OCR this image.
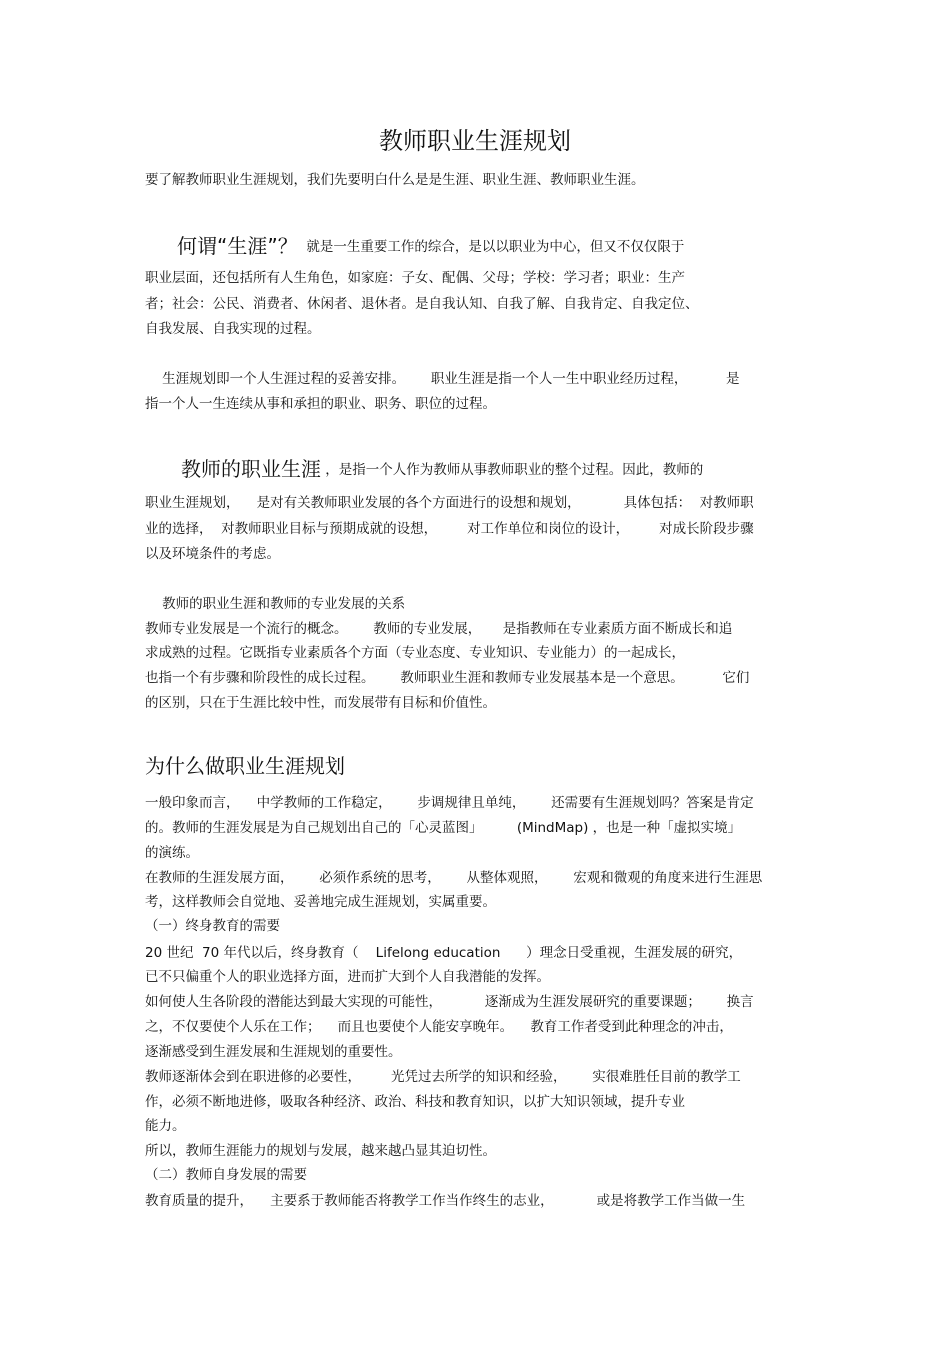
教师职业生涯规划

要了解教师职业生涯规划，我们先要明白什么是是生涯、职业生涯、教师职业生涯。

何谓“生涯”？ 就是一生重要工作的综合，是以以职业为中心，但又不仅仅限于

职业层面，还包括所有人生角色，如家庭：子女、配偶、父母；学校：学习者；职业：生产

者；社会：公民、消费者、休闲者、退休者。是自我认知、自我了解、自我肯定、自我定位、

自我发展、自我实现的过程。

生涯规划即一个人生涯过程的妥善安排。      职业生涯是指一个人一生中职业经历过程，         是

指一个人一生连续从事和承担的职业、职务、职位的过程。

教师的职业生涯 ，是指一个人作为教师从事教师职业的整个过程。因此，教师的

职业生涯规划，    是对有关教师职业发展的各个方面进行的设想和规划，          具体包括：  对教师职

业的选择，  对教师职业目标与预期成就的设想，       对工作单位和岗位的设计，       对成长阶段步骤

以及环境条件的考虑。

教师的职业生涯和教师的专业发展的关系

教师专业发展是一个流行的概念。      教师的专业发展，     是指教师在专业素质方面不断成长和追

求成熟的过程。它既指专业素质各个方面（专业态度、专业知识、专业能力）的一起成长，

也指一个有步骤和阶段性的成长过程。      教师职业生涯和教师专业发展基本是一个意思。         它们

的区别，只在于生涯比较中性，而发展带有目标和价值性。

为什么做职业生涯规划

一般印象而言，    中学教师的工作稳定，      步调规律且单纯，      还需要有生涯规划吗？答案是肯定

的。教师的生涯发展是为自己规划出自己的「心灵蓝图」        (MindMap) ，也是一种「虚拟实境」

的演练。

在教师的生涯发展方面，      必须作系统的思考，      从整体观照，      宏观和微观的角度来进行生涯思

考，这样教师会自觉地、妥善地完成生涯规划，实属重要。

（一）终身教育的需要

20 世纪  70 年代以后，终身教育（    Lifelong education      ）理念日受重视，生涯发展的研究，

已不只偏重个人的职业选择方面，进而扩大到个人自我潜能的发挥。

如何使人生各阶段的潜能达到最大实现的可能性，          逐渐成为生涯发展研究的重要课题；      换言

之，不仅要使个人乐在工作；    而且也要使个人能安享晚年。    教育工作者受到此种理念的冲击，

逐渐感受到生涯发展和生涯规划的重要性。

教师逐渐体会到在职进修的必要性，       光凭过去所学的知识和经验，      实很难胜任目前的教学工

作，必须不断地进修，吸取各种经济、政治、科技和教育知识，以扩大知识领域，提升专业

能力。

所以，教师生涯能力的规划与发展，越来越凸显其迫切性。

（二）教师自身发展的需要

教育质量的提升，    主要系于教师能否将教学工作当作终生的志业，          或是将教学工作当做一生
